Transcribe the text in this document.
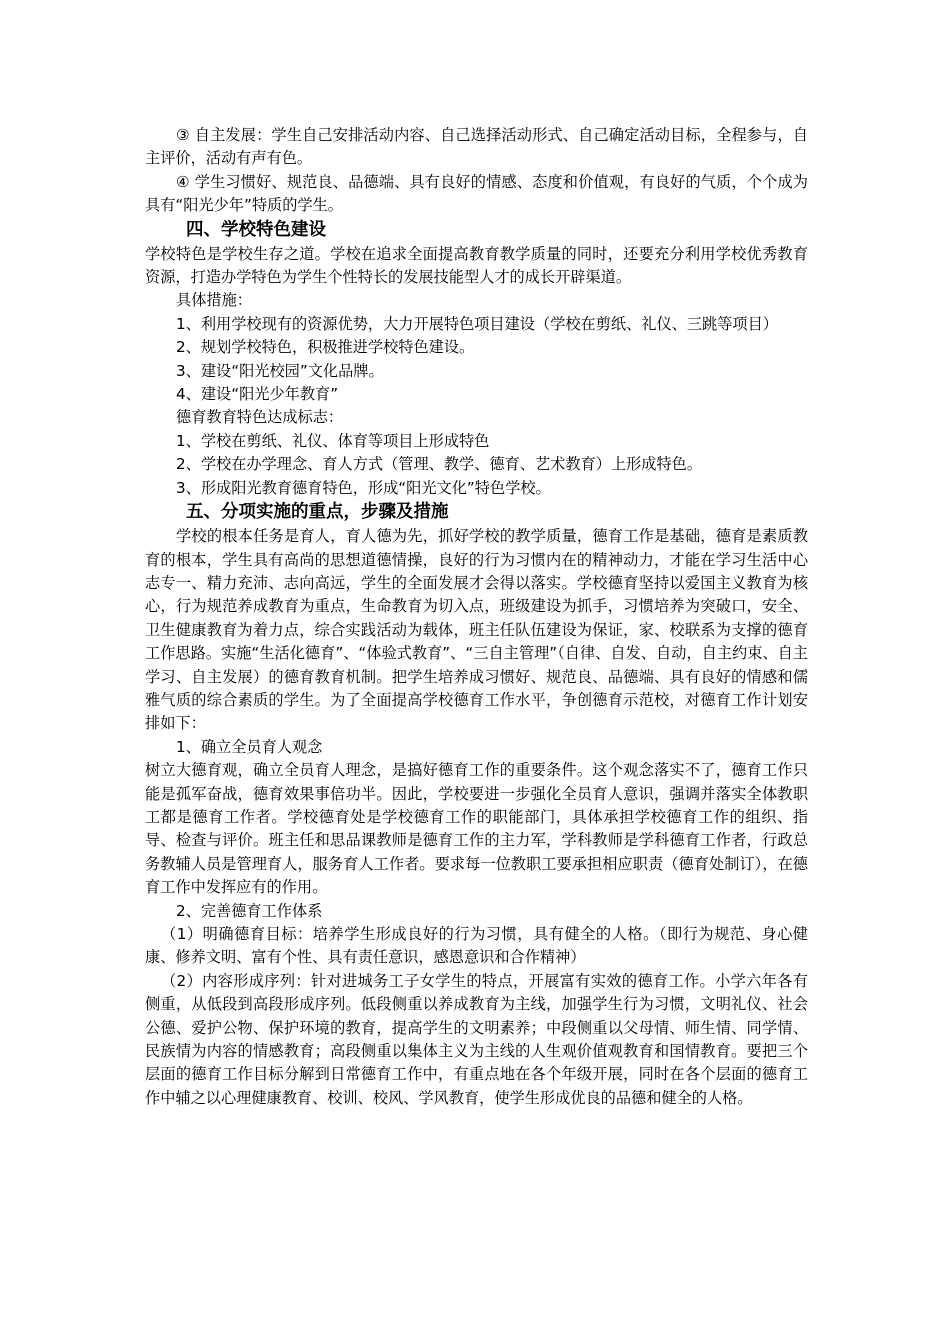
③ 自主发展：学生自己安排活动内容、自己选择活动形式、自己确定活动目标，全程参与，自主评价，活动有声有色。

④ 学生习惯好、规范良、品德端、具有良好的情感、态度和价值观，有良好的气质，个个成为具有“阳光少年”特质的学生。

四、学校特色建设

学校特色是学校生存之道。学校在追求全面提高教育教学质量的同时，还要充分利用学校优秀教育资源，打造办学特色为学生个性特长的发展技能型人才的成长开辟渠道。

具体措施：

1、利用学校现有的资源优势，大力开展特色项目建设（学校在剪纸、礼仪、三跳等项目）

2、规划学校特色，积极推进学校特色建设。

3、建设“阳光校园”文化品牌。

4、建设“阳光少年教育”

德育教育特色达成标志：

1、学校在剪纸、礼仪、体育等项目上形成特色

2、学校在办学理念、育人方式（管理、教学、德育、艺术教育）上形成特色。

3、形成阳光教育德育特色，形成“阳光文化”特色学校。

五、分项实施的重点，步骤及措施

学校的根本任务是育人，育人德为先，抓好学校的教学质量，德育工作是基础，德育是素质教育的根本，学生具有高尚的思想道德情操，良好的行为习惯内在的精神动力，才能在学习生活中心志专一、精力充沛、志向高远，学生的全面发展才会得以落实。学校德育坚持以爱国主义教育为核心，行为规范养成教育为重点，生命教育为切入点，班级建设为抓手，习惯培养为突破口，安全、卫生健康教育为着力点，综合实践活动为载体，班主任队伍建设为保证，家、校联系为支撑的德育工作思路。实施“生活化德育”、“体验式教育”、“三自主管理”（自律、自发、自动，自主约束、自主学习、自主发展）的德育教育机制。把学生培养成习惯好、规范良、品德端、具有良好的情感和儒雅气质的综合素质的学生。为了全面提高学校德育工作水平，争创德育示范校，对德育工作计划安排如下：

1、确立全员育人观念

树立大德育观，确立全员育人理念，是搞好德育工作的重要条件。这个观念落实不了，德育工作只能是孤军奋战，德育效果事倍功半。因此，学校要进一步强化全员育人意识，强调并落实全体教职工都是德育工作者。学校德育处是学校德育工作的职能部门，具体承担学校德育工作的组织、指导、检查与评价。班主任和思品课教师是德育工作的主力军，学科教师是学科德育工作者，行政总务教辅人员是管理育人，服务育人工作者。要求每一位教职工要承担相应职责（德育处制订），在德育工作中发挥应有的作用。

2、完善德育工作体系

（1）明确德育目标：培养学生形成良好的行为习惯，具有健全的人格。（即行为规范、身心健康、修养文明、富有个性、具有责任意识，感恩意识和合作精神）

（2）内容形成序列：针对进城务工子女学生的特点，开展富有实效的德育工作。小学六年各有侧重，从低段到高段形成序列。低段侧重以养成教育为主线，加强学生行为习惯，文明礼仪、社会公德、爱护公物、保护环境的教育，提高学生的文明素养；中段侧重以父母情、师生情、同学情、民族情为内容的情感教育；高段侧重以集体主义为主线的人生观价值观教育和国情教育。要把三个层面的德育工作目标分解到日常德育工作中，有重点地在各个年级开展，同时在各个层面的德育工作中辅之以心理健康教育、校训、校风、学风教育，使学生形成优良的品德和健全的人格。
